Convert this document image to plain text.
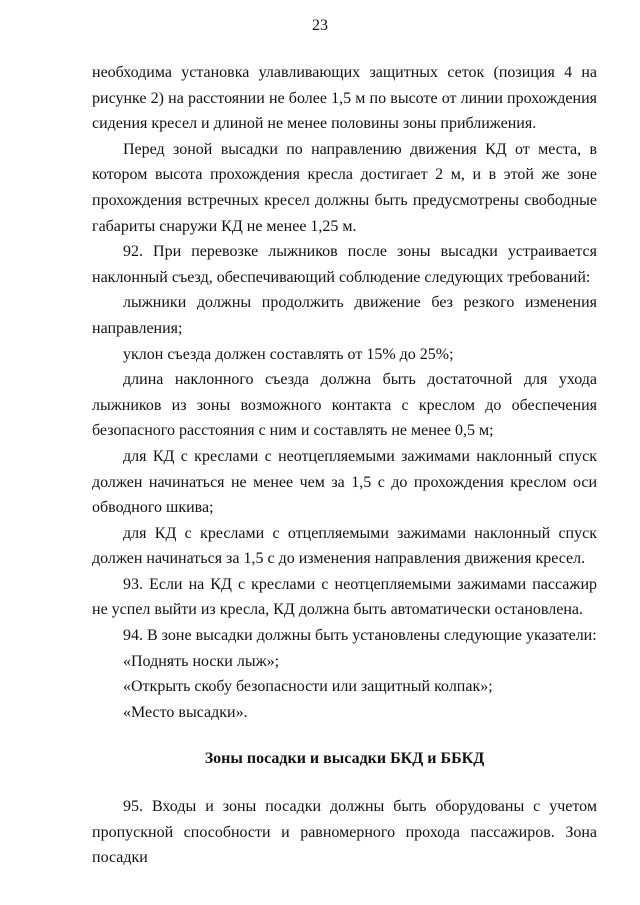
23

необходима установка улавливающих защитных сеток (позиция 4 на рисунке 2) на расстоянии не более 1,5 м по высоте от линии прохождения сидения кресел и длиной не менее половины зоны приближения.

Перед зоной высадки по направлению движения КД от места, в котором высота прохождения кресла достигает 2 м, и в этой же зоне прохождения встречных кресел должны быть предусмотрены свободные габариты снаружи КД не менее 1,25 м.

92. При перевозке лыжников после зоны высадки устраивается наклонный съезд, обеспечивающий соблюдение следующих требований:

лыжники должны продолжить движение без резкого изменения направления;

уклон съезда должен составлять от 15% до 25%;

длина наклонного съезда должна быть достаточной для ухода лыжников из зоны возможного контакта с креслом до обеспечения безопасного расстояния с ним и составлять не менее 0,5 м;

для КД с креслами с неотцепляемыми зажимами наклонный спуск должен начинаться не менее чем за 1,5 с до прохождения креслом оси обводного шкива;

для КД с креслами с отцепляемыми зажимами наклонный спуск должен начинаться за 1,5 с до изменения направления движения кресел.

93. Если на КД с креслами с неотцепляемыми зажимами пассажир не успел выйти из кресла, КД должна быть автоматически остановлена.

94. В зоне высадки должны быть установлены следующие указатели:

«Поднять носки лыж»;

«Открыть скобу безопасности или защитный колпак»;

«Место высадки».

Зоны посадки и высадки БКД и ББКД

95. Входы и зоны посадки должны быть оборудованы с учетом пропускной способности и равномерного прохода пассажиров. Зона посадки
